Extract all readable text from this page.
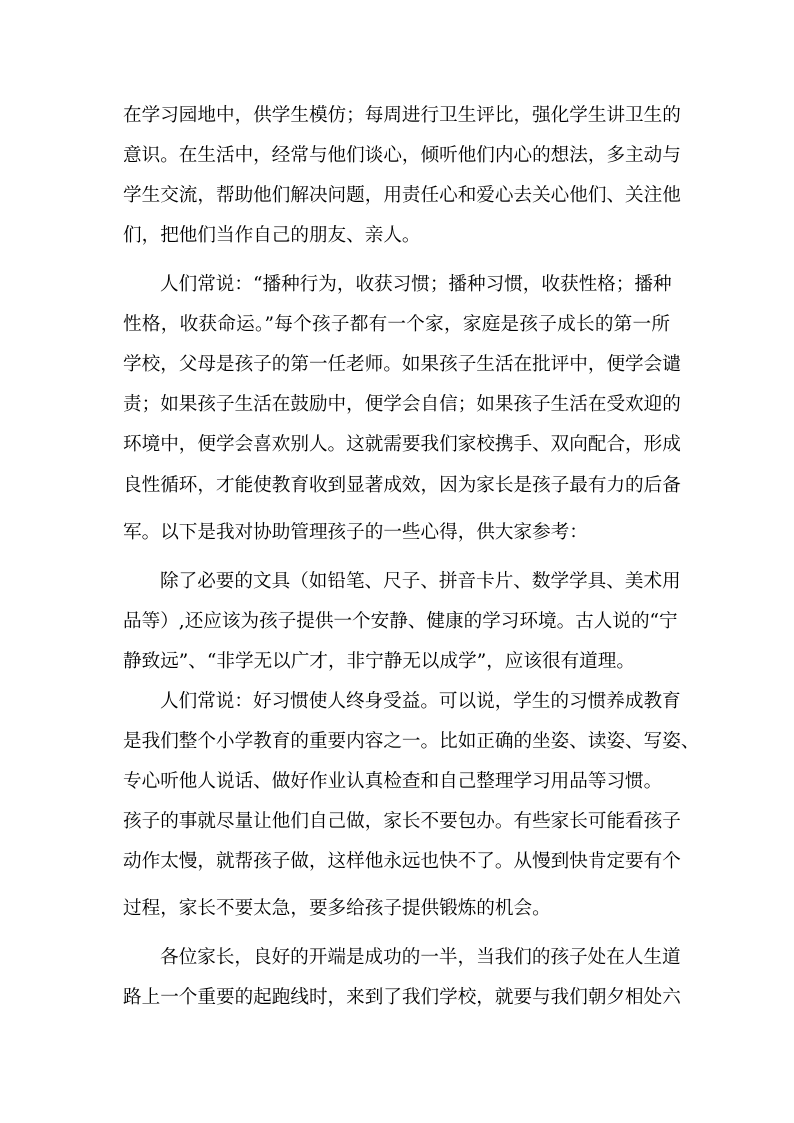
在学习园地中，供学生模仿；每周进行卫生评比，强化学生讲卫生的

意识。在生活中，经常与他们谈心，倾听他们内心的想法，多主动与

学生交流，帮助他们解决问题，用责任心和爱心去关心他们、关注他

们，把他们当作自己的朋友、亲人。

人们常说：“播种行为，收获习惯；播种习惯，收获性格；播种

性格，收获命运。”每个孩子都有一个家，家庭是孩子成长的第一所

学校，父母是孩子的第一任老师。如果孩子生活在批评中，便学会谴

责；如果孩子生活在鼓励中，便学会自信；如果孩子生活在受欢迎的

环境中，便学会喜欢别人。这就需要我们家校携手、双向配合，形成

良性循环，才能使教育收到显著成效，因为家长是孩子最有力的后备

军。以下是我对协助管理孩子的一些心得，供大家参考：

除了必要的文具（如铅笔、尺子、拼音卡片、数学学具、美术用

品等）,还应该为孩子提供一个安静、健康的学习环境。古人说的“宁

静致远”、“非学无以广才，非宁静无以成学”，应该很有道理。

人们常说：好习惯使人终身受益。可以说，学生的习惯养成教育

是我们整个小学教育的重要内容之一。比如正确的坐姿、读姿、写姿、

专心听他人说话、做好作业认真检查和自己整理学习用品等习惯。

孩子的事就尽量让他们自己做，家长不要包办。有些家长可能看孩子

动作太慢，就帮孩子做，这样他永远也快不了。从慢到快肯定要有个

过程，家长不要太急，要多给孩子提供锻炼的机会。

各位家长，良好的开端是成功的一半，当我们的孩子处在人生道

路上一个重要的起跑线时，来到了我们学校，就要与我们朝夕相处六
